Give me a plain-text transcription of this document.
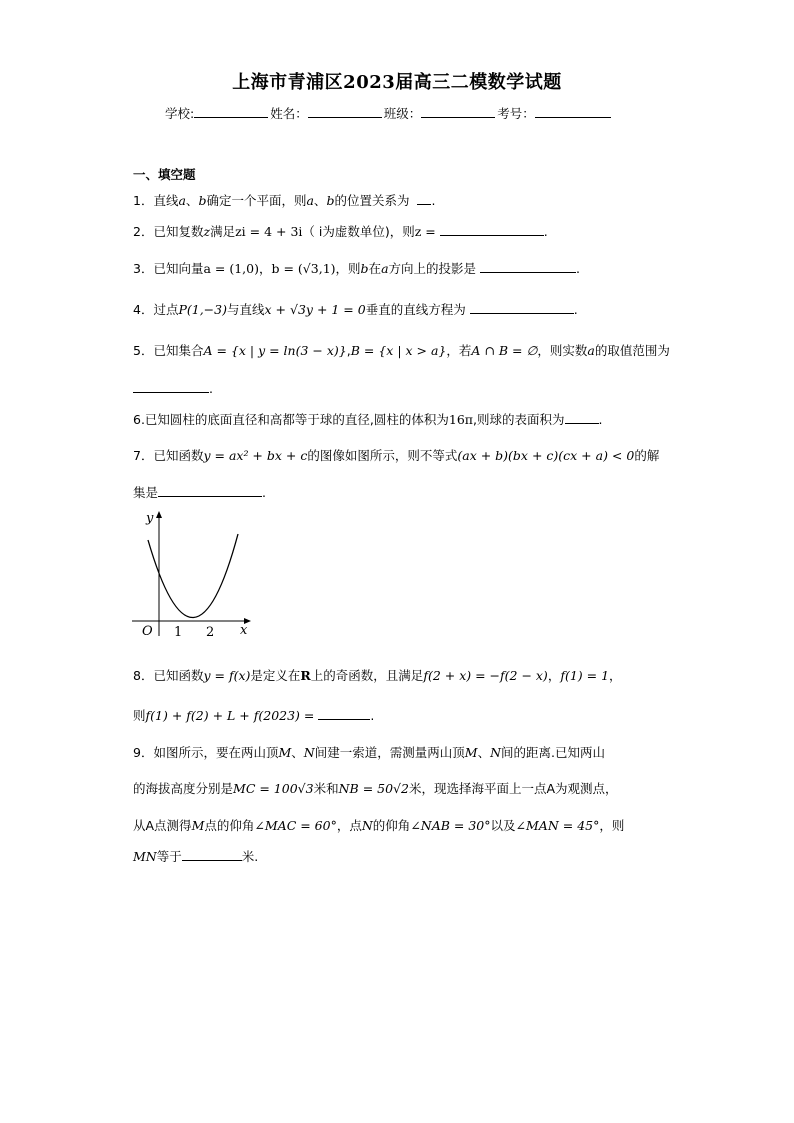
上海市青浦区2023届高三二模数学试题
学校:	姓名：	班级：	考号：
一、填空题
1．直线a、b确定一个平面，则a、b的位置关系为 .
2．已知复数z满足zi = 4 + 3i（ i为虚数单位)，则z =	.
3．已知向量a = (1,0)，b = (√3,1)，则b在a方向上的投影是	.
4．过点P(1,−3)与直线x + √3y + 1 = 0垂直的直线方程为	.
5．已知集合A = {x | y = ln(3 − x)},B = {x | x > a}，若A ∩ B = ∅，则实数a的取值范围为
.
6.已知圆柱的底面直径和高都等于球的直径,圆柱的体积为16π,则球的表面积为	.
7．已知函数y = ax² + bx + c的图像如图所示，则不等式(ax + b)(bx + c)(cx + a) < 0的解
集是	.
y
x
O 1 2
8．已知函数y = f(x)是定义在R上的奇函数，且满足f(2 + x) = −f(2 − x)，f(1) = 1，
则f(1) + f(2) + L + f(2023) =	.
9．如图所示，要在两山顶M、N间建一索道，需测量两山顶M、N间的距离.已知两山
的海拔高度分别是MC = 100√3米和NB = 50√2米，现选择海平面上一点A为观测点，
从A点测得M点的仰角∠MAC = 60°，点N的仰角∠NAB = 30°以及∠MAN = 45°，则
MN等于	米.
